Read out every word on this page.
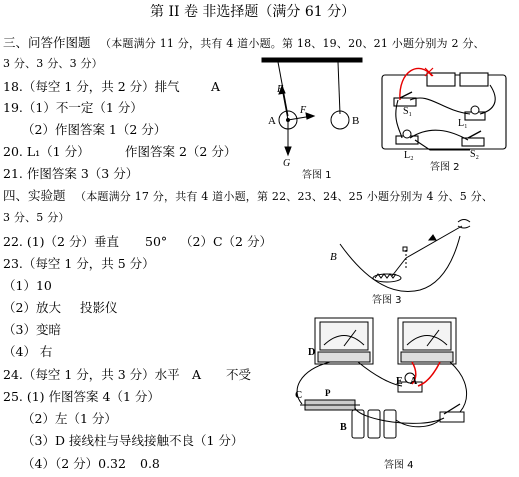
第 II 卷 非选择题（满分 61 分）
三、问答作图题 （本题满分 11 分，共有 4 道小题。第 18、19、20、21 小题分别为 2 分、
3 分、3 分、3 分）
18.（每空 1 分，共 2 分）排气	A
19.（1）不一定（1 分）
（2）作图答案 1（2 分）
20. L₁（1 分）	作图答案 2（2 分）
21. 作图答案 3（3 分）
四、实验题 （本题满分 17 分，共有 4 道小题，第 22、23、24、25 小题分别为 4 分、5 分、
3 分、5 分）
22. (1)（2 分）垂直 50° （2）C（2 分）
23.（每空 1 分，共 5 分）
（1）10
（2）放大 投影仪
（3）变暗
（4） 右
24.（每空 1 分，共 3 分）水平 A 不受
25. (1) 作图答案 4（1 分）
（2）左（1 分）
（3）D 接线柱与导线接触不良（1 分）
（4）（2 分）0.32 0.8
F
F
A	B
G
答图 1
S₁
L₁
L₂	S₂
答图 2
B
答图 3
D
C	P
B
E A
答图 4
